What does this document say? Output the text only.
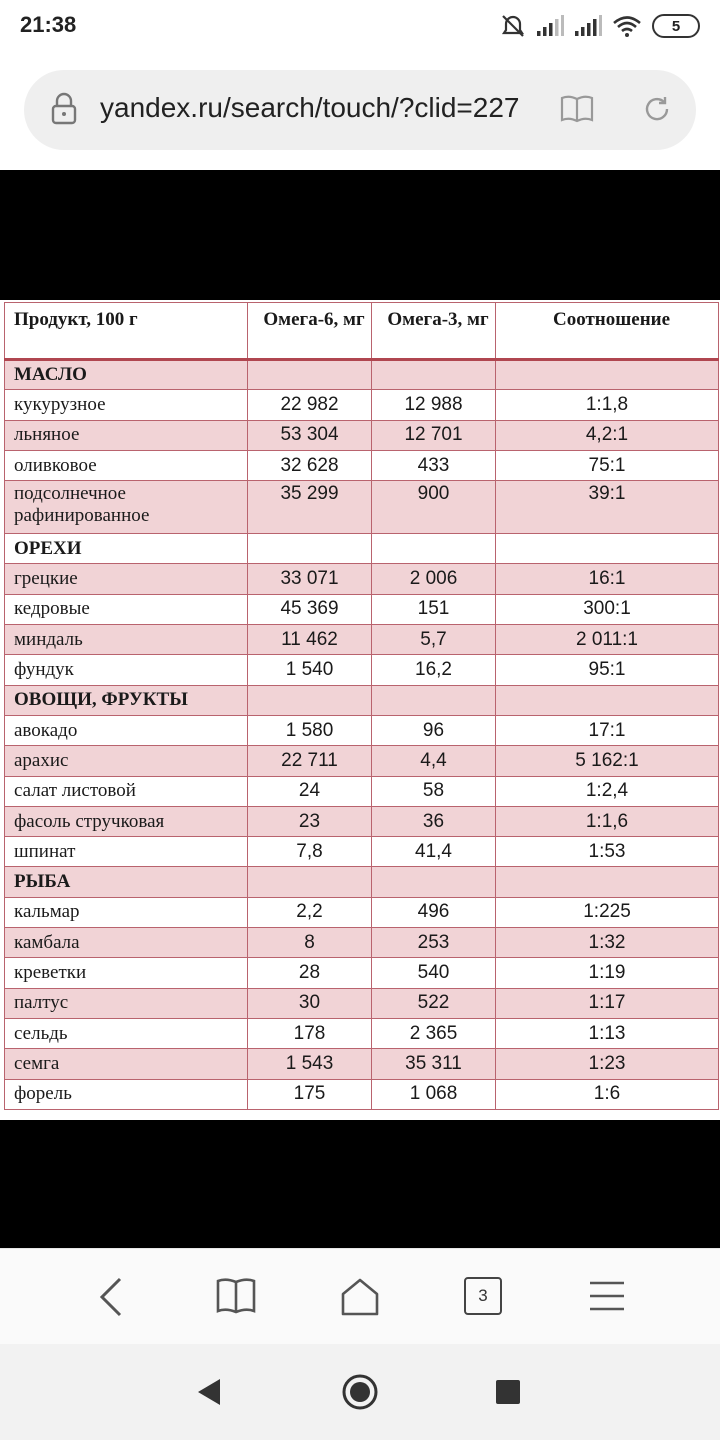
21:38	5
yandex.ru/search/touch/?clid=227
Продукт, 100 г	Омега-6, мг	Омега-3, мг	Соотношение
МАСЛО			
кукурузное	22 982	12 988	1:1,8
льняное	53 304	12 701	4,2:1
оливковое	32 628	433	75:1
подсолнечное рафинированное	35 299	900	39:1
ОРЕХИ			
грецкие	33 071	2 006	16:1
кедровые	45 369	151	300:1
миндаль	11 462	5,7	2 011:1
фундук	1 540	16,2	95:1
ОВОЩИ, ФРУКТЫ			
авокадо	1 580	96	17:1
арахис	22 711	4,4	5 162:1
салат листовой	24	58	1:2,4
фасоль стручковая	23	36	1:1,6
шпинат	7,8	41,4	1:53
РЫБА			
кальмар	2,2	496	1:225
камбала	8	253	1:32
креветки	28	540	1:19
палтус	30	522	1:17
сельдь	178	2 365	1:13
семга	1 543	35 311	1:23
форель	175	1 068	1:6
3
